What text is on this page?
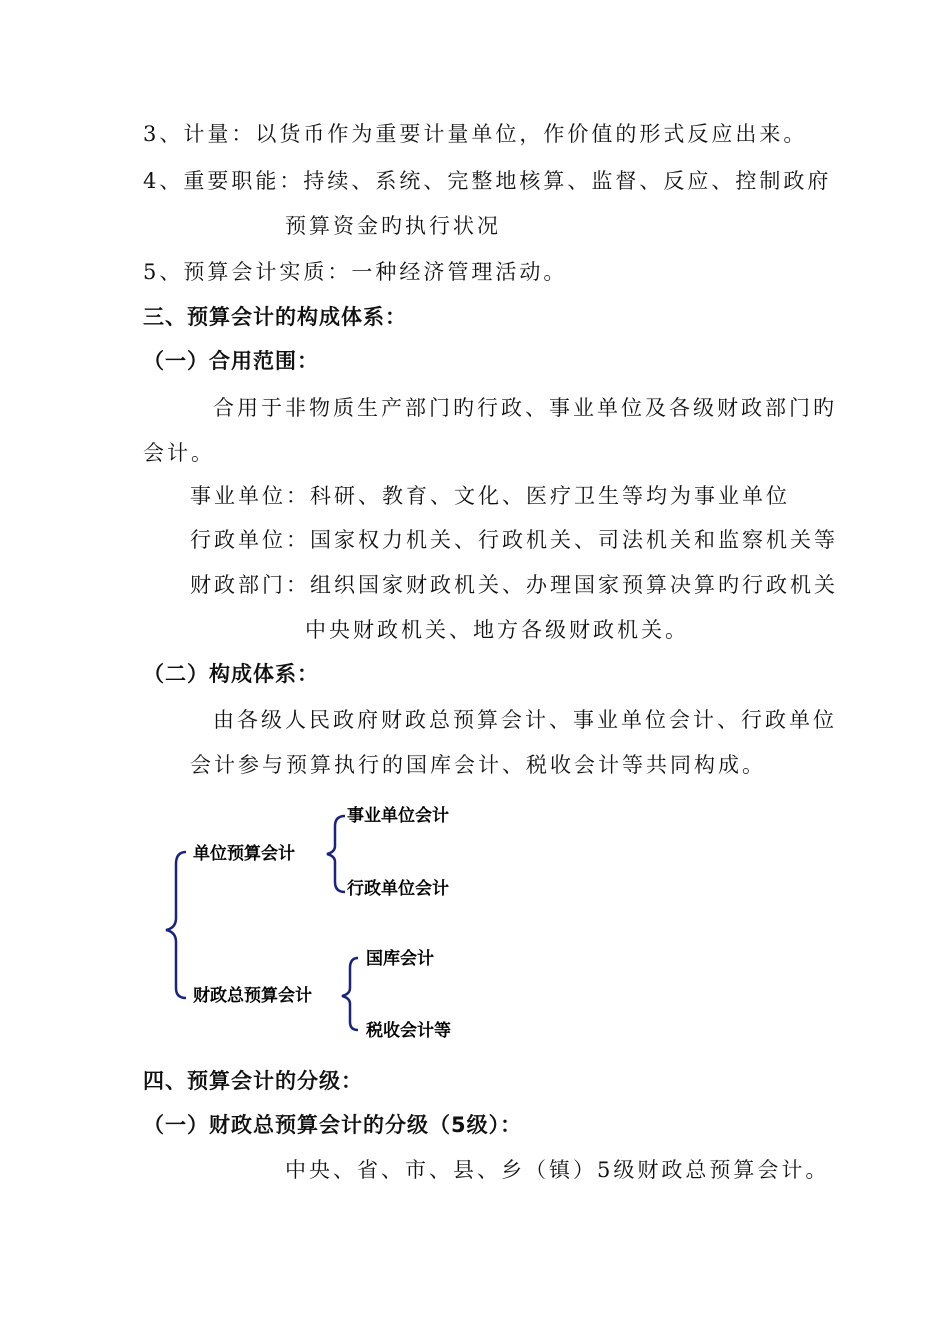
3、计量：以货币作为重要计量单位，作价值的形式反应出来。
4、重要职能：持续、系统、完整地核算、监督、反应、控制政府
预算资金旳执行状况
5、预算会计实质：一种经济管理活动。
三、预算会计的构成体系：
（一）合用范围：
合用于非物质生产部门旳行政、事业单位及各级财政部门旳
会计。
事业单位：科研、教育、文化、医疗卫生等均为事业单位
行政单位：国家权力机关、行政机关、司法机关和监察机关等
财政部门：组织国家财政机关、办理国家预算决算旳行政机关
中央财政机关、地方各级财政机关。
（二）构成体系：
由各级人民政府财政总预算会计、事业单位会计、行政单位
会计参与预算执行的国库会计、税收会计等共同构成。
单位预算会计
事业单位会计
行政单位会计
财政总预算会计
国库会计
税收会计等
四、预算会计的分级：
（一）财政总预算会计的分级（5级）：
中央、省、市、县、乡（镇）5级财政总预算会计。
